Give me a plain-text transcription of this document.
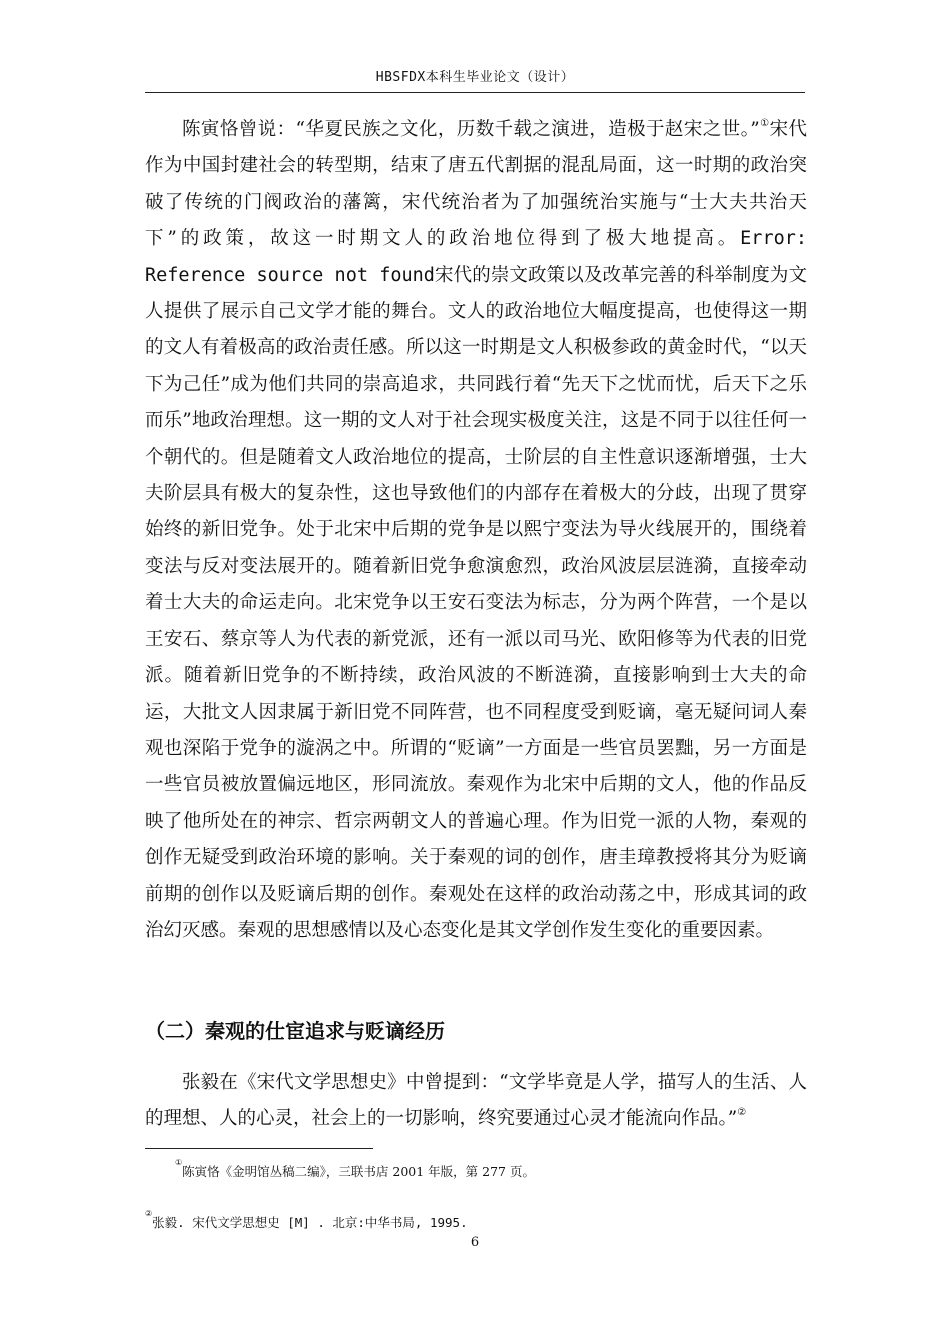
HBSFDX本科生毕业论文（设计）

陈寅恪曾说：“华夏民族之文化，历数千载之演进，造极于赵宋之世。”①宋代作为中国封建社会的转型期，结束了唐五代割据的混乱局面，这一时期的政治突破了传统的门阀政治的藩篱，宋代统治者为了加强统治实施与“士大夫共治天下”的政策，故这一时期文人的政治地位得到了极大地提高。Error: Reference source not found宋代的崇文政策以及改革完善的科举制度为文人提供了展示自己文学才能的舞台。文人的政治地位大幅度提高，也使得这一期的文人有着极高的政治责任感。所以这一时期是文人积极参政的黄金时代，“以天下为己任”成为他们共同的崇高追求，共同践行着“先天下之忧而忧，后天下之乐而乐”地政治理想。这一期的文人对于社会现实极度关注，这是不同于以往任何一个朝代的。但是随着文人政治地位的提高，士阶层的自主性意识逐渐增强，士大夫阶层具有极大的复杂性，这也导致他们的内部存在着极大的分歧，出现了贯穿始终的新旧党争。处于北宋中后期的党争是以熙宁变法为导火线展开的，围绕着变法与反对变法展开的。随着新旧党争愈演愈烈，政治风波层层涟漪，直接牵动着士大夫的命运走向。北宋党争以王安石变法为标志，分为两个阵营，一个是以王安石、蔡京等人为代表的新党派，还有一派以司马光、欧阳修等为代表的旧党派。随着新旧党争的不断持续，政治风波的不断涟漪，直接影响到士大夫的命运，大批文人因隶属于新旧党不同阵营，也不同程度受到贬谪，毫无疑问词人秦观也深陷于党争的漩涡之中。所谓的“贬谪”一方面是一些官员罢黜，另一方面是一些官员被放置偏远地区，形同流放。秦观作为北宋中后期的文人，他的作品反映了他所处在的神宗、哲宗两朝文人的普遍心理。作为旧党一派的人物，秦观的创作无疑受到政治环境的影响。关于秦观的词的创作，唐圭璋教授将其分为贬谪前期的创作以及贬谪后期的创作。秦观处在这样的政治动荡之中，形成其词的政治幻灭感。秦观的思想感情以及心态变化是其文学创作发生变化的重要因素。

（二）秦观的仕宦追求与贬谪经历

张毅在《宋代文学思想史》中曾提到：“文学毕竟是人学，描写人的生活、人的理想、人的心灵，社会上的一切影响，终究要通过心灵才能流向作品。”②

①陈寅恪《金明馆丛稿二编》，三联书店 2001 年版，第 277 页。
②张毅. 宋代文学思想史 [M] . 北京:中华书局, 1995.
6
